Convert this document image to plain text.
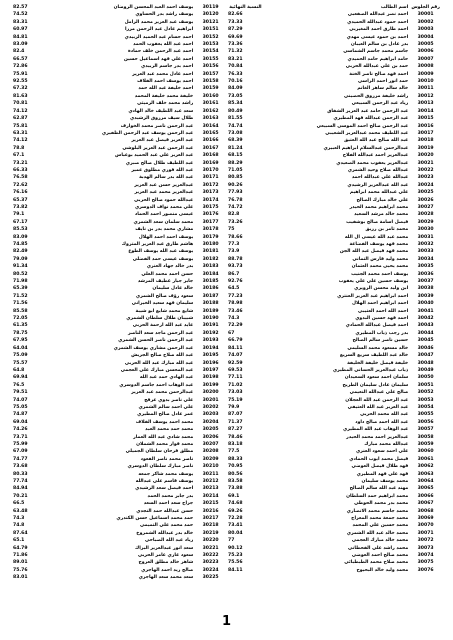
82.57	يوسف احمد العبد المحسن الروضان	30119
74.52	يوسف راشد بدر الحساوي	30120
83.31	يوسف عبد العزيز محمد الرامل	30121
60.97	ابراهيم عادل عبد الرحمن مرزا	30151
84.81	احمد حسام عبد الحميد الزبيدي	30152
83.09	احمد عبد الله يعقوب الحمد	30153
82.4	احمد عبد الرحمن خلف حمادة	30154
66.57	احمد علي فهد اسماعيل حسين	30155
72.86	احمد بدر جاسم الزبيدي	30156
75.91	احمد عادل محمد عبد العزيز	30157
92.55	احمد يوسف احمد القلاف	30158
67.32	احمد خليفة عبد الله حمد	30159
81.63	خليفة محمد خليفة المحمد	30160
70.81	راشد محمد خلف الرميثي	30161
74.12	سعد عبد اللطيف خالد الهادي	30162
62.87	طلال سيف مرزوق الرشيدي	30163
75.81	عبد الرحمن ناصر محمد الخوارف	30164
63.31	عبد الرحمن يوسف عبد الرحمن الظفيري	30165
74.12	عبد العزيز فيصل عبد العزيز	30166
78.8	عبد الرحمن عبد العزيز البلوشي	30167
67.1	عبد العزيز علي عبد الحميد بوعباس	30168
73.21	عبد اللطيف طلال صالح صبري	30169
66.33	عبد الله فوزي مطلوق عمير	30170
76.58	عبد الله بدر سالم الهدبة	30171
72.62	عبدالعزيز حسن عبد العزيز	30172
76.16	عبدالعزيز محمد عبد العزيز	30173
65.37	عبدالله حمود صالح الحربي	30174
73.82	علي محمد نواف الدوسري	30175
79.1	عيسى منصور احمد الحماد	30176
67.17	محمد سلمان سعد الشمري	30177
85.53	مشاري محمد بدر بن نايف	30178
83.09	يوسف احمد احمد الهلال	30179
74.85	هاشم طارق عبد العزيز المتروك	30180
82.49	يوسف عبد الله يوسف الطوع	30181
79.09	يوسف عيسى حمد الفضلي	30182
91.34	بدر خالد جهاد العنزي	30183
80.52	حسن احمد محمد العلي	30184
71.98	جابر جبار غطيف المرشد	30185
65.39	خالد عادل سليمان	30186
71.52	سعود رؤف صالح الشمري	30187
71.56	سليمان فهد سعيد الخيراني	30188
85.58	شايع محمد شايع ابو شيبة	30189
72.05	شبيبان طلال سلطان الشمري	30190
61.35	عايد عبد الله ارحمة الحربي	30191
78.75	عبد الرحمن ماجد سعد الناصر	30192
67.95	عبد الرحمن ناصر الحسن الشمري	30193
64.04	عبد الرحمن مشاري يوسف الشمري	30194
75.09	عبد الله صلاح صالح الجريش	30195
75.57	عبد الله مبارك عبد الله الحربي	30196
64.8	عبد المحسن مبارك علي العجمي	30197
69.94	عبد الهادي حمد عبد الله	30198
76.5	عبد الوهاب احمد جاسم الدوسري	30199
79.51	عبدالرحمن محمد عبد العزيز	30200
74.07	علي ناصر بدوي عرفج	30201
75.05	علي احمد سالم الشمري	30202
74.87	عمر عادل صالح المطيري	30203
69.04	محمد احمد يوسف القلاف	30204
74.26	محمد حمد محمد العبد	30205
73.71	محمد شادي عبد الله العمار	30206
75.99	محمد فواز محمد الشملان	30207
67.09	مطلق فرحان سلطان الجميلي	30208
74.77	ناصر محمد ناصر القعود	30209
73.68	ناصر مبارك سلطان الدوسري	30210
80.33	يوسف محمد شاكر جمعه	30211
77.74	يوسف قاسم علي عبدالله	30212
84.94	احمد فيصل سعد الرشيدي	30213
70.21	بدر جابر محمد الحمد	30214
66.5	جراح سعد احمد السعد	30215
63.48	حسن عبدالله حمد النجدي	30216
74.3	حمد محمد اسماعيل حسن الكندري	30217
74.8	حمد محمد علي التميمي	30218
87.64	خالد بدر عبدالله الشمروخ	30219
65.1	زياد عبد الله الصباحي	30220
64.79	سعد انور عبدالعزيز البراك	30221
71.86	سعود غازي عامر الحربي	30222
89.01	شاهر خالد مطلق العروج	30223
75.76	صالح زيد احمد الهاجري	30224
83.01	سعد محمد سعد الهاجري	30225
النسبة النهائية	اسم الطالب	رقم الجلوس
82.66	احمد نصر عبدالله الصقعبي	30001
73.33	احمد حمود عبدالله الحميدي	30002
87.29	احمد طارق احمد المغيربي	30003
69.69	احمد بن حمود عيسى مهدي	30004
73.36	بدر عادل بن سالم العيبان	30005
71.32	جاسم محمد جاسم الشماسي	30006
83.21	حامد ابراهيم حامد الحميدي	30007
70.84	حمد بن علي عبدالله الحربي	30008
76.33	احمد فهد صالح ناصر الخنة	30009
70.16	حمد انور احمد الراسي	30010
84.09	خالد سالم ساهر الغانم	30011
73.05	راشد خليفة مرزوق الحصيني	30012
85.34	زياد عبد الرحمن السبيعي	30013
80.49	عبد الرحمن حامد عبد العزيز الشقاق	30014
81.55	عبد الرحمن عبدالله فهد المطيري	30015
74.74	عبد الرحمن صالح احمد الموسى السبيعي	30016
73.08	عبد اللطيف محمد عبدالعزيز الشعيبي	30017
68.39	عبد الله صالح عبد الله العتيق	30018
81.24	عبدالرحمن عبدالسلام ابراهيم العبيري	30019
68.15	عبدالعزيز احمد عبدالله الفلاح	30020
88.29	عبدالعزيز يعقوب محمد الصعيدي	30021
71.05	عبدالله صلاح وحيد الشمري	30022
80.85	عبدالله علي عبدالله احمد	30023
90.26	عبد الله عبدالعزيز الرشيدي	30024
77.93	علي عبدالله محمد ابراهيم	30025
76.78	علي خالد مبارك الصالح	30026
74.72	محمد ابراهيم محمد الحيدر	30027
82.8	محمد خالد مرشد السعيد	30028
73.26	فيصل اسامة صالح بوشقيب	30029
75	محمد ثامر بن رزيق	30030
78.66	محمد عبد الله عيسى ال الله	30031
77.3	محمد فهد يوسف القضاعة	30032
73.9	محمد فهد فيصل عبد الله الجن	30033
88.78	محمد وليد فارس التماني	30034
93.73	محمد يحيى محمد العثمان	30035
86.7	يوسف احمد محمد الجنيب	30036
92.76	يوسف حسين علي علي يعقوب	30037
64.5	ابن وليد محسن الزويري	30038
77.23	احمد ابراهيم عبد العزيز العنتري	30039
78.98	احمد ابراهيم احمد الهلال	30040
73.46	احمد الله احمد العتيبي	30041
74.3	احمد فهد حسين البدوي	30042
72.29	احمد فيصل عبدالله الحمادي	30043
67	بدر رجب ذياب المطيري	30044
66.79	حسين ناصر سالم الصالح	30045
84.11	خالد مسعود محمد السليمي	30046
74.07	خالد عبد اللطيف سريع السريع	30047
92.59	خليفة فيصل خليفة الخليفة	30048
69.53	ذياب عبدالعزيز الحساني المطيري	30049
77.11	سلمان احمد سعود السعيدان	30050
71.02	سليمان عادل سليمان الطريح	30051
73.03	صالح علي عبدالله النعيمي	30052
75.19	عبد الرحمن عبد الله العجلان	30053
79.9	عبد العزيز عبد الله العتيقي	30054
87.07	عبد الله محمد الحربي	30055
71.37	عبد الله احمد صالح داود	30056
87.27	عبد الوهاب عبد الله المطيري	30057
78.46	عبدالعزيز احمد محمد الحيدر	30058
83.18	عبدالله محمد مبارك	30059
77.5	علي احمد سعود العنزي	30060
88.33	فيصل محمد ايوب الحمادي	30061
70.95	فهد طلال فيصل العوضي	30062
80.56	فهد علي فهد المطيري	30063
83.58	محمد يوسف سليمان	30064
73.88	مهند عبد الله سالم الصالح	30065
69.1	محمد ابراهيم حمد السلطان	30066
74.68	محمد بدر محمد الحوطي	30067
69.26	محمد جاسم محمد الانصاري	30068
72.28	محمد جمعة محمد المعراج	30069
73.41	محمد حسين علي المحمد	30070
80.04	محمد خالد عبد الله الشمري	30071
77	محمد خالد مبارك العجمي	30072
90.12	محمد راشد علي القحطاني	30073
75.23	محمد صالح احمد العوضي	30074
75.56	محمد صلاح محمد الطبطبائي	30075
84.11	محمد وليد خالد البحيوح	30076
1
